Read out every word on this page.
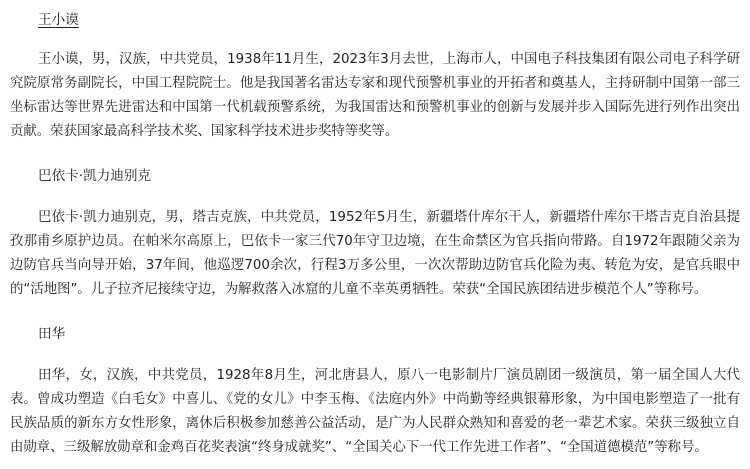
王小谟

王小谟，男，汉族，中共党员，1938年11月生，2023年3月去世，上海市人，中国电子科技集团有限公司电子科学研究院原常务副院长，中国工程院院士。他是我国著名雷达专家和现代预警机事业的开拓者和奠基人，主持研制中国第一部三坐标雷达等世界先进雷达和中国第一代机载预警系统，为我国雷达和预警机事业的创新与发展并步入国际先进行列作出突出贡献。荣获国家最高科学技术奖、国家科学技术进步奖特等奖等。

巴依卡·凯力迪别克

巴依卡·凯力迪别克，男，塔吉克族，中共党员，1952年5月生，新疆塔什库尔干人，新疆塔什库尔干塔吉克自治县提孜那甫乡原护边员。在帕米尔高原上，巴依卡一家三代70年守卫边境，在生命禁区为官兵指向带路。自1972年跟随父亲为边防官兵当向导开始，37年间，他巡逻700余次，行程3万多公里，一次次帮助边防官兵化险为夷、转危为安，是官兵眼中的“活地图”。儿子拉齐尼接续守边，为解救落入冰窟的儿童不幸英勇牺牲。荣获“全国民族团结进步模范个人”等称号。

田华

田华，女，汉族，中共党员，1928年8月生，河北唐县人，原八一电影制片厂演员剧团一级演员，第一届全国人大代表。曾成功塑造《白毛女》中喜儿、《党的女儿》中李玉梅、《法庭内外》中尚勤等经典银幕形象，为中国电影塑造了一批有民族品质的新东方女性形象，离休后积极参加慈善公益活动，是广为人民群众熟知和喜爱的老一辈艺术家。荣获三级独立自由勋章、三级解放勋章和金鸡百花奖表演“终身成就奖”、“全国关心下一代工作先进工作者”、“全国道德模范”等称号。
